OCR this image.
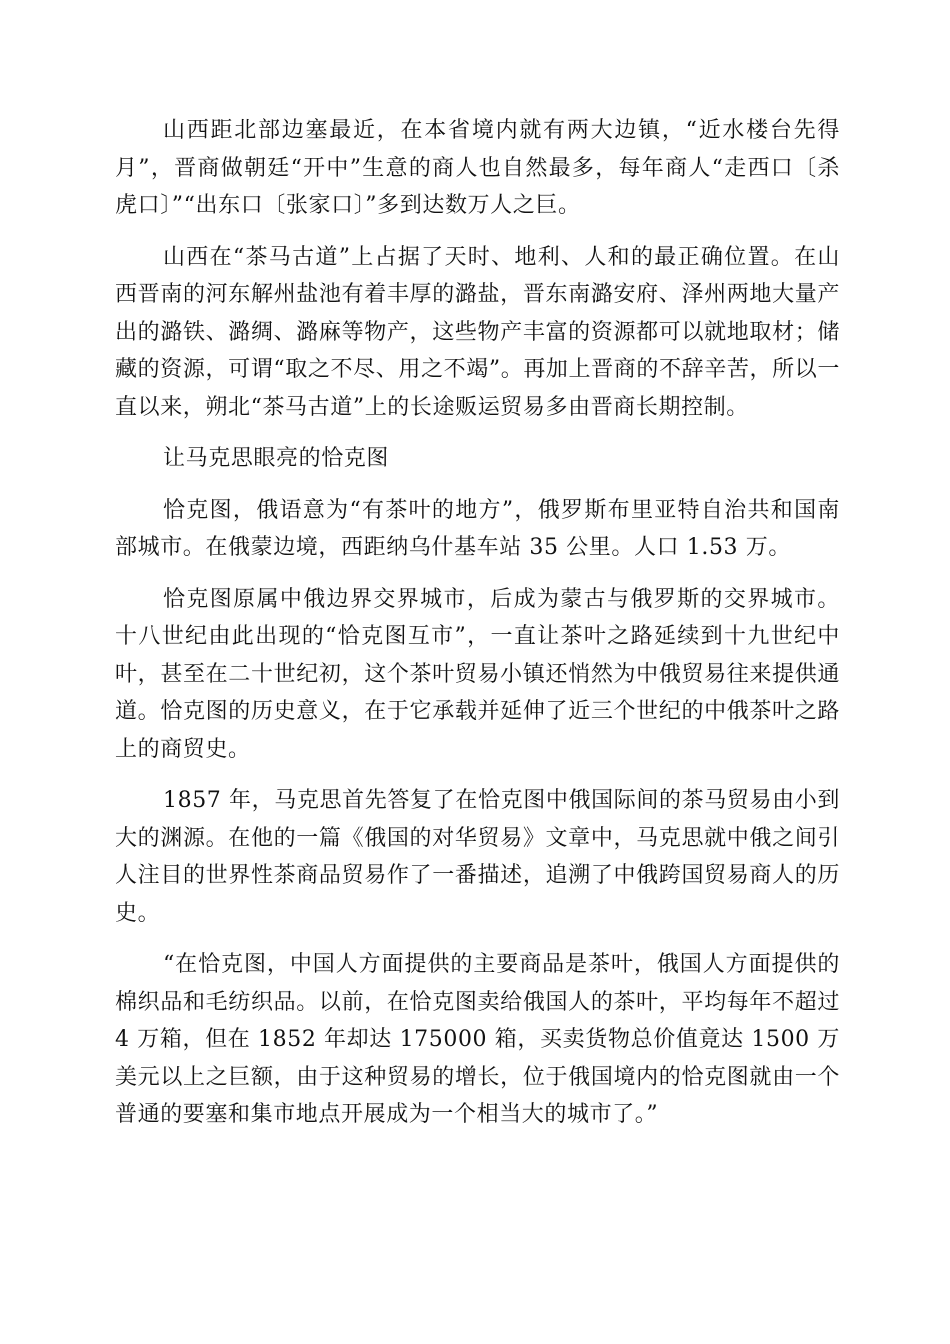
山西距北部边塞最近，在本省境内就有两大边镇，“近水楼台先得月”，晋商做朝廷“开中”生意的商人也自然最多，每年商人“走西口〔杀虎口〕”“出东口〔张家口〕”多到达数万人之巨。

山西在“茶马古道”上占据了天时、地利、人和的最正确位置。在山西晋南的河东解州盐池有着丰厚的潞盐，晋东南潞安府、泽州两地大量产出的潞铁、潞绸、潞麻等物产，这些物产丰富的资源都可以就地取材；储藏的资源，可谓“取之不尽、用之不竭”。再加上晋商的不辞辛苦，所以一直以来，朔北“茶马古道”上的长途贩运贸易多由晋商长期控制。

让马克思眼亮的恰克图

恰克图，俄语意为“有茶叶的地方”，俄罗斯布里亚特自治共和国南部城市。在俄蒙边境，西距纳乌什基车站 35 公里。人口 1.53 万。

恰克图原属中俄边界交界城市，后成为蒙古与俄罗斯的交界城市。十八世纪由此出现的“恰克图互市”，一直让茶叶之路延续到十九世纪中叶，甚至在二十世纪初，这个茶叶贸易小镇还悄然为中俄贸易往来提供通道。恰克图的历史意义，在于它承载并延伸了近三个世纪的中俄茶叶之路上的商贸史。

1857 年，马克思首先答复了在恰克图中俄国际间的茶马贸易由小到大的渊源。在他的一篇《俄国的对华贸易》文章中，马克思就中俄之间引人注目的世界性茶商品贸易作了一番描述，追溯了中俄跨国贸易商人的历史。

“在恰克图，中国人方面提供的主要商品是茶叶，俄国人方面提供的棉织品和毛纺织品。以前，在恰克图卖给俄国人的茶叶，平均每年不超过 4 万箱，但在 1852 年却达 175000 箱，买卖货物总价值竟达 1500 万美元以上之巨额，由于这种贸易的增长，位于俄国境内的恰克图就由一个普通的要塞和集市地点开展成为一个相当大的城市了。”
